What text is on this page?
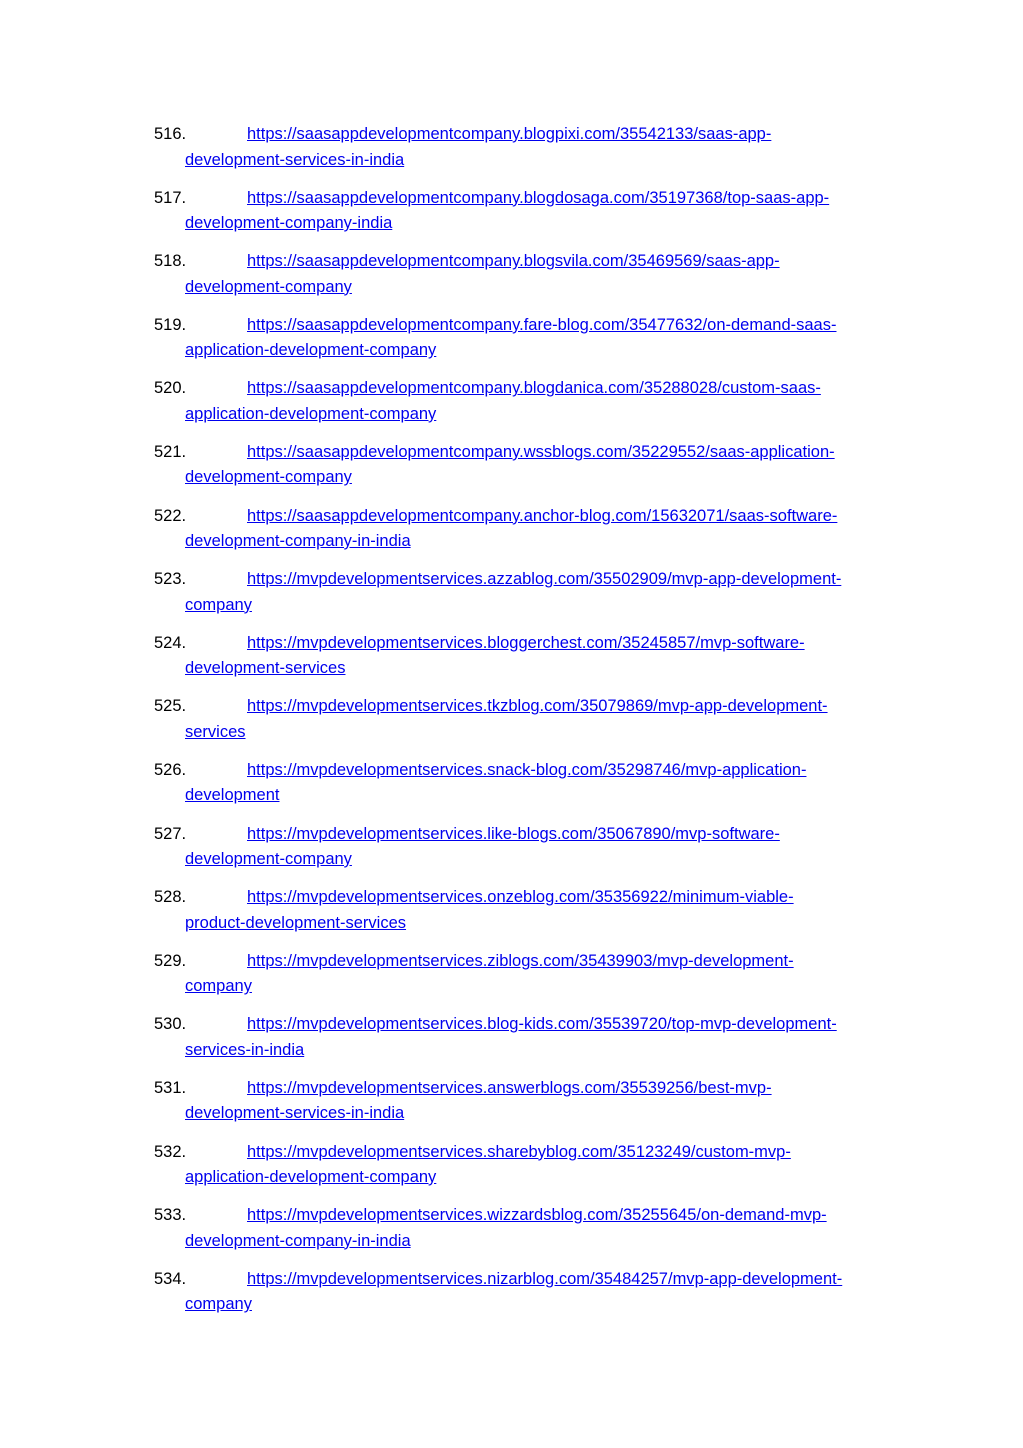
516.	https://saasappdevelopmentcompany.blogpixi.com/35542133/saas-app-
development-services-in-india
517.	https://saasappdevelopmentcompany.blogdosaga.com/35197368/top-saas-app-
development-company-india
518.	https://saasappdevelopmentcompany.blogsvila.com/35469569/saas-app-
development-company
519.	https://saasappdevelopmentcompany.fare-blog.com/35477632/on-demand-saas-
application-development-company
520.	https://saasappdevelopmentcompany.blogdanica.com/35288028/custom-saas-
application-development-company
521.	https://saasappdevelopmentcompany.wssblogs.com/35229552/saas-application-
development-company
522.	https://saasappdevelopmentcompany.anchor-blog.com/15632071/saas-software-
development-company-in-india
523.	https://mvpdevelopmentservices.azzablog.com/35502909/mvp-app-development-
company
524.	https://mvpdevelopmentservices.bloggerchest.com/35245857/mvp-software-
development-services
525.	https://mvpdevelopmentservices.tkzblog.com/35079869/mvp-app-development-
services
526.	https://mvpdevelopmentservices.snack-blog.com/35298746/mvp-application-
development
527.	https://mvpdevelopmentservices.like-blogs.com/35067890/mvp-software-
development-company
528.	https://mvpdevelopmentservices.onzeblog.com/35356922/minimum-viable-
product-development-services
529.	https://mvpdevelopmentservices.ziblogs.com/35439903/mvp-development-
company
530.	https://mvpdevelopmentservices.blog-kids.com/35539720/top-mvp-development-
services-in-india
531.	https://mvpdevelopmentservices.answerblogs.com/35539256/best-mvp-
development-services-in-india
532.	https://mvpdevelopmentservices.sharebyblog.com/35123249/custom-mvp-
application-development-company
533.	https://mvpdevelopmentservices.wizzardsblog.com/35255645/on-demand-mvp-
development-company-in-india
534.	https://mvpdevelopmentservices.nizarblog.com/35484257/mvp-app-development-
company
